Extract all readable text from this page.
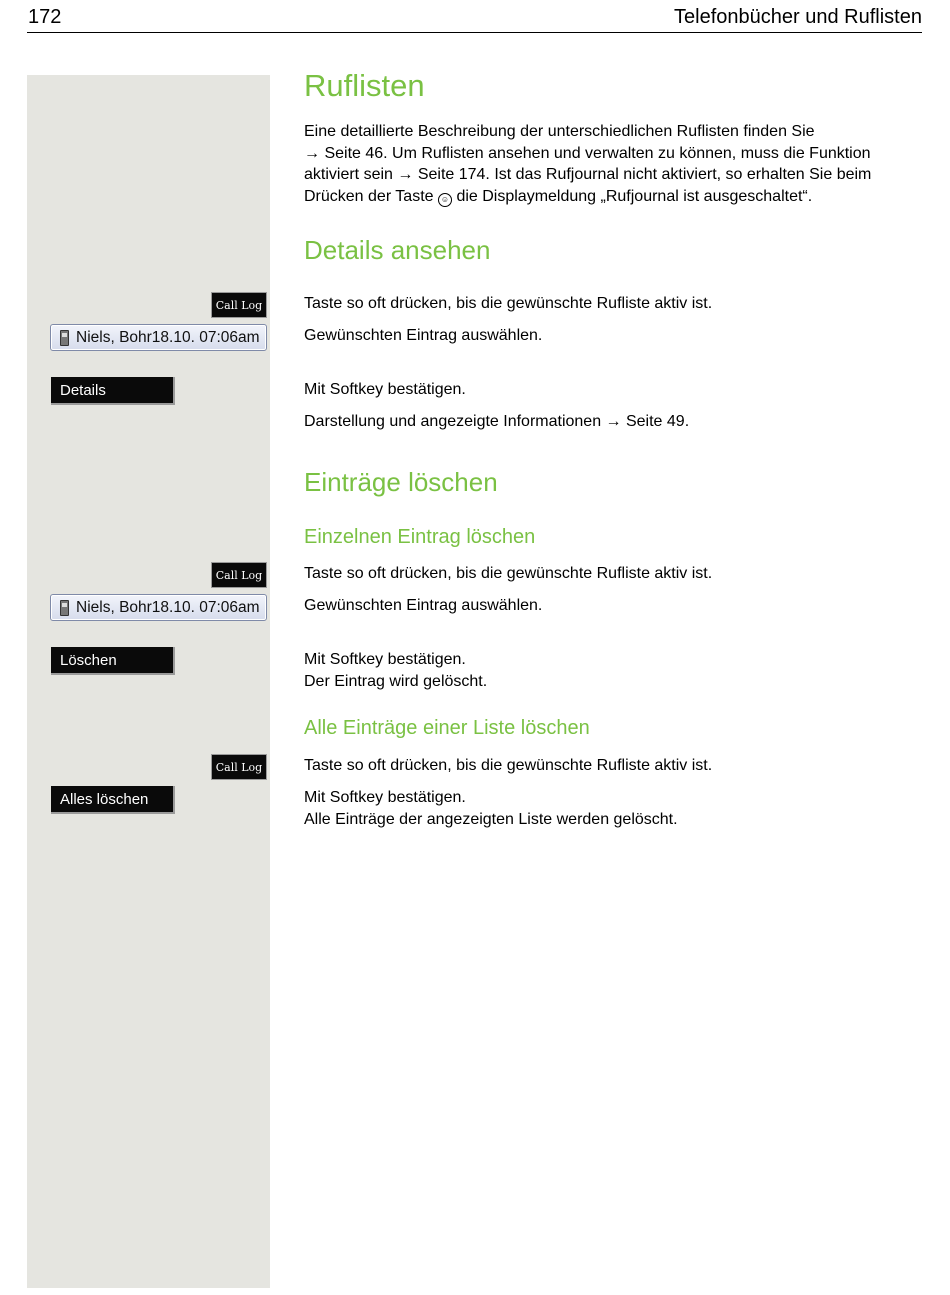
172	Telefonbücher und Ruflisten
Ruflisten

Eine detaillierte Beschreibung der unterschiedlichen Ruflisten finden Sie
→ Seite 46. Um Ruflisten ansehen und verwalten zu können, muss die Funktion
aktiviert sein → Seite 174. Ist das Rufjournal nicht aktiviert, so erhalten Sie beim
Drücken der Taste ☺ die Displaymeldung „Rufjournal ist ausgeschaltet“.

Details ansehen
Call Log	Taste so oft drücken, bis die gewünschte Rufliste aktiv ist.

Niels, Bohr18.10. 07:06am	Gewünschten Eintrag auswählen.

Details	Mit Softkey bestätigen.

Darstellung und angezeigte Informationen → Seite 49.

Einträge löschen
Einzelnen Eintrag löschen
Call Log	Taste so oft drücken, bis die gewünschte Rufliste aktiv ist.

Niels, Bohr18.10. 07:06am	Gewünschten Eintrag auswählen.

Löschen	Mit Softkey bestätigen.
Der Eintrag wird gelöscht.

Alle Einträge einer Liste löschen
Call Log	Taste so oft drücken, bis die gewünschte Rufliste aktiv ist.

Alles löschen	Mit Softkey bestätigen.
Alle Einträge der angezeigten Liste werden gelöscht.
